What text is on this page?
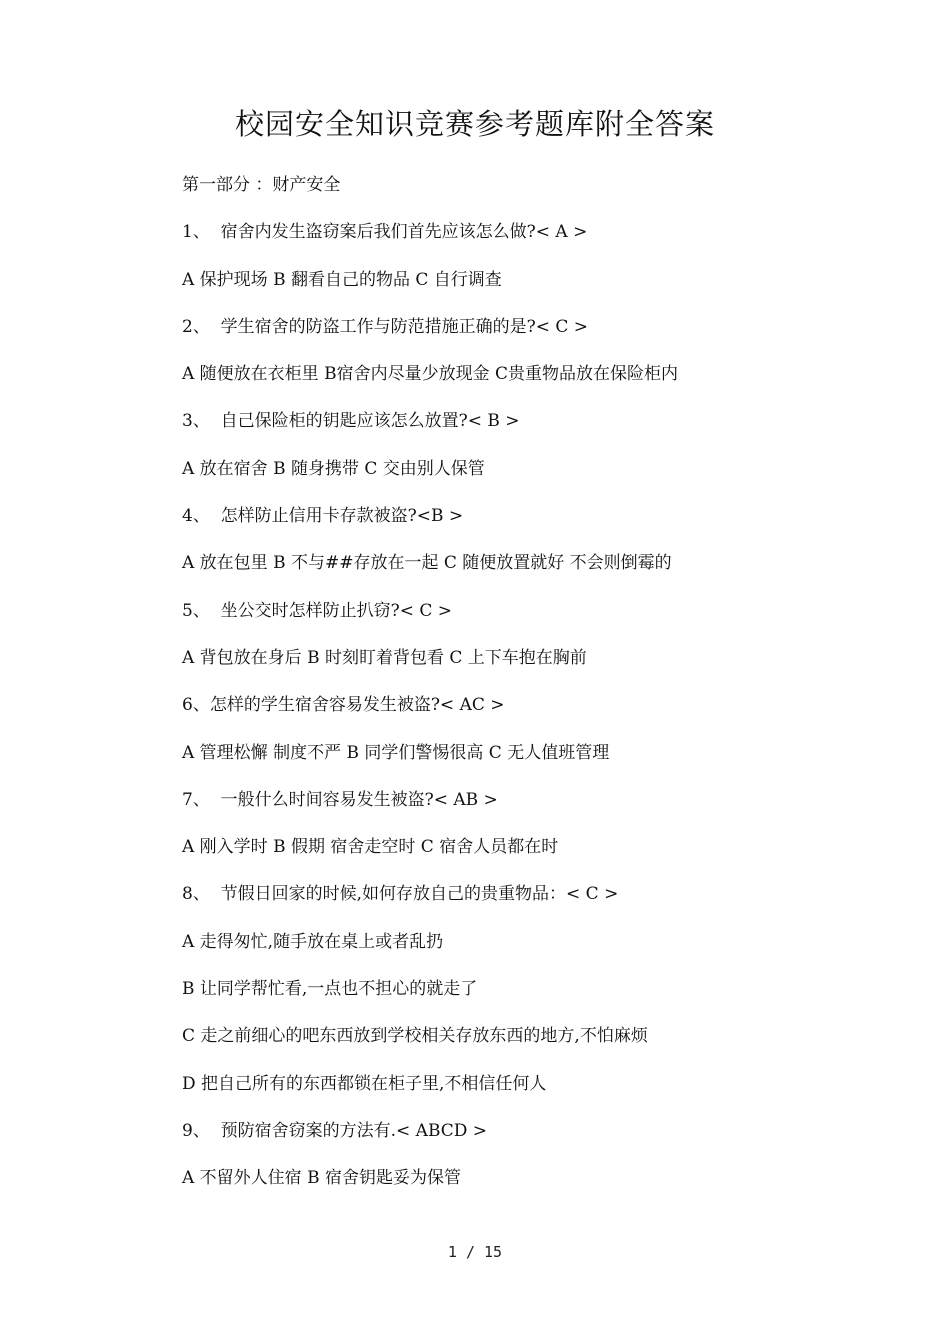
校园安全知识竞赛参考题库附全答案
第一部分 ：财产安全
1、  宿舍内发生盗窃案后我们首先应该怎么做?< A >
A 保护现场 B 翻看自己的物品 C 自行调查
2、  学生宿舍的防盗工作与防范措施正确的是?< C >
A 随便放在衣柜里 B宿舍内尽量少放现金 C贵重物品放在保险柜内
3、  自己保险柜的钥匙应该怎么放置?< B >
A 放在宿舍 B 随身携带 C 交由别人保管
4、  怎样防止信用卡存款被盗?<B >
A 放在包里 B 不与##存放在一起 C 随便放置就好 不会则倒霉的
5、  坐公交时怎样防止扒窃?< C >
A 背包放在身后 B 时刻盯着背包看 C 上下车抱在胸前
6、怎样的学生宿舍容易发生被盗?< AC >
A 管理松懈 制度不严 B 同学们警惕很高 C 无人值班管理
7、  一般什么时间容易发生被盗?< AB >
A 刚入学时 B 假期 宿舍走空时 C 宿舍人员都在时
8、  节假日回家的时候,如何存放自己的贵重物品：< C >
A 走得匆忙,随手放在桌上或者乱扔
B 让同学帮忙看,一点也不担心的就走了
C 走之前细心的吧东西放到学校相关存放东西的地方,不怕麻烦
D 把自己所有的东西都锁在柜子里,不相信任何人
9、  预防宿舍窃案的方法有.< ABCD >
A 不留外人住宿 B 宿舍钥匙妥为保管
1 / 15
